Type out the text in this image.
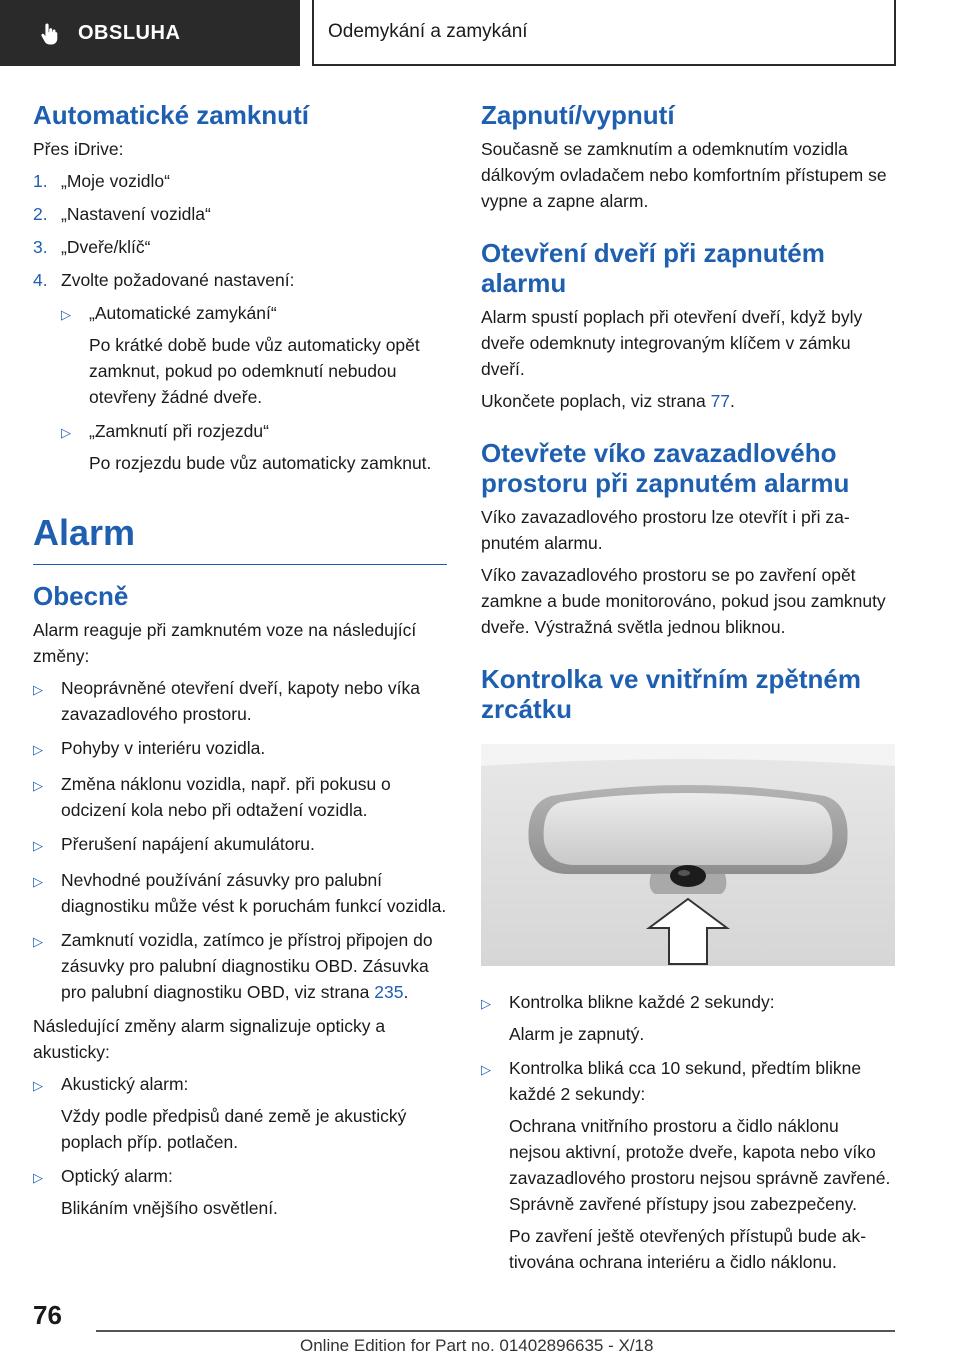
OBSLUHA	Odemykání a zamykání
Automatické zamknutí

Přes iDrive:

1. „Moje vozidlo“
2. „Nastavení vozidla“
3. „Dveře/klíč“
4. Zvolte požadované nastavení:
▷	„Automatické zamykání“
Po krátké době bude vůz automaticky opět zamknut, pokud po odemknutí nebudou otevřeny žádné dveře.
▷	„Zamknutí při rozjezdu“
Po rozjezdu bude vůz automaticky zamknut.
Alarm
Obecně

Alarm reaguje při zamknutém voze na následující změny:

▷	Neoprávněné otevření dveří, kapoty nebo víka zavazadlového prostoru.
▷	Pohyby v interiéru vozidla.
▷	Změna náklonu vozidla, např. při pokusu o odcizení kola nebo při odtažení vozidla.
▷	Přerušení napájení akumulátoru.
▷	Nevhodné používání zásuvky pro palubní diagnostiku může vést k poruchám funkcí vozidla.
▷	Zamknutí vozidla, zatímco je přístroj připojen do zásuvky pro palubní diagnostiku OBD. Zásuvka pro palubní diagnostiku OBD, viz strana 235.

Následující změny alarm signalizuje opticky a akusticky:

▷	Akustický alarm:
Vždy podle předpisů dané země je akustický poplach příp. potlačen.
▷	Optický alarm:
Blikáním vnějšího osvětlení.
Zapnutí/vypnutí

Současně se zamknutím a odemknutím vozidla dálkovým ovladačem nebo komfortním přístupem se vypne a zapne alarm.

Otevření dveří při zapnutém alarmu

Alarm spustí poplach při otevření dveří, když byly dveře odemknuty integrovaným klíčem v zámku dveří.

Ukončete poplach, viz strana 77.

Otevřete víko zavazadlového prostoru při zapnutém alarmu

Víko zavazadlového prostoru lze otevřít i při zapnutém alarmu.

Víko zavazadlového prostoru se po zavření opět zamkne a bude monitorováno, pokud jsou zamknuty dveře. Výstražná světla jednou bliknou.

Kontrolka ve vnitřním zpětném zrcátku
▷	Kontrolka blikne každé 2 sekundy:
Alarm je zapnutý.
▷	Kontrolka bliká cca 10 sekund, předtím blikne každé 2 sekundy:
Ochrana vnitřního prostoru a čidlo náklonu nejsou aktivní, protože dveře, kapota nebo víko zavazadlového prostoru nejsou správně zavřené. Správně zavřené přístupy jsou zabezpečeny.
Po zavření ještě otevřených přístupů bude aktivována ochrana interiéru a čidlo náklonu.
76
Online Edition for Part no. 01402896635 - X/18
